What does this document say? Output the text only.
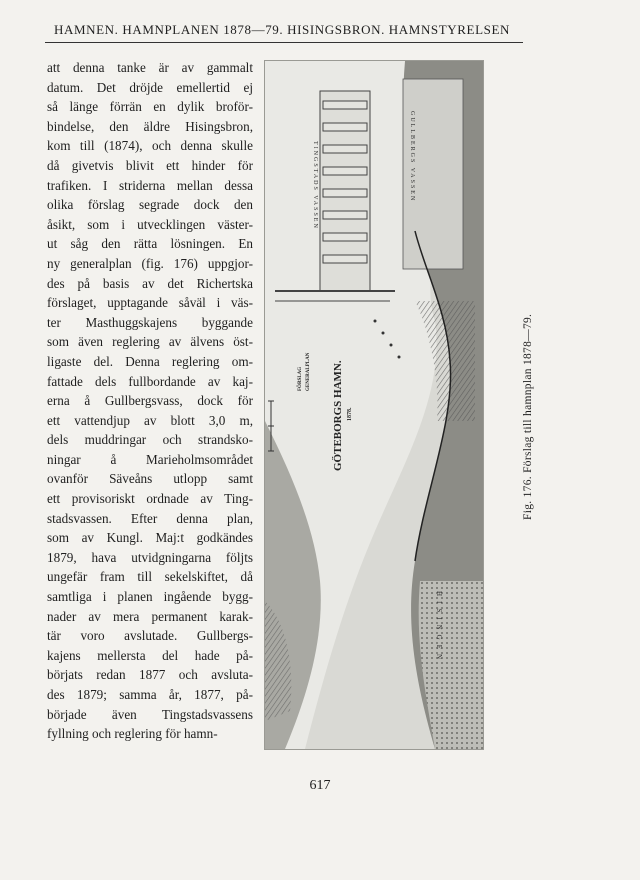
HAMNEN. HAMNPLANEN 1878—79. HISINGSBRON. HAMNSTYRELSEN
att denna tanke är av gammalt
datum. Det dröjde emellertid ej
så länge förrän en dylik broför-
bindelse, den äldre Hisingsbron,
kom till (1874), och denna skulle
då givetvis blivit ett hinder för
trafiken. I striderna mellan dessa
olika förslag segrade dock den
åsikt, som i utvecklingen väster-
ut såg den rätta lösningen. En
ny generalplan (fig. 176) uppgjor-
des på basis av det Richertska
förslaget, upptagande såväl i väs-
ter Masthuggskajens byggande
som även reglering av älvens öst-
ligaste del. Denna reglering om-
fattade dels fullbordande av kaj-
erna å Gullbergsvass, dock för
ett vattendjup av blott 3,0 m,
dels muddringar och strandsko-
ningar å Marieholmsområdet
ovanför Säveåns utlopp samt
ett provisoriskt ordnade av Ting-
stadsvassen. Efter denna plan,
som av Kungl. Maj:t godkändes
1879, hava utvidgningarna följts
ungefär fram till sekelskiftet, då
samtliga i planen ingående bygg-
nader av mera permanent karak-
tär voro avslutade. Gullbergs-
kajens mellersta del hade på-
börjats redan 1877 och avsluta-
des 1879; samma år, 1877, på-
började även Tingstadsvassens
fyllning och reglering för hamn-
TINGSTADS VASSEN	GULLBERGS VASSEN
HISINGEN
FÖRSLAG GENERALPLAN GÖTEBORGS HAMN. 1878.	Fig. 176. Förslag till hamnplan 1878—79.
617
